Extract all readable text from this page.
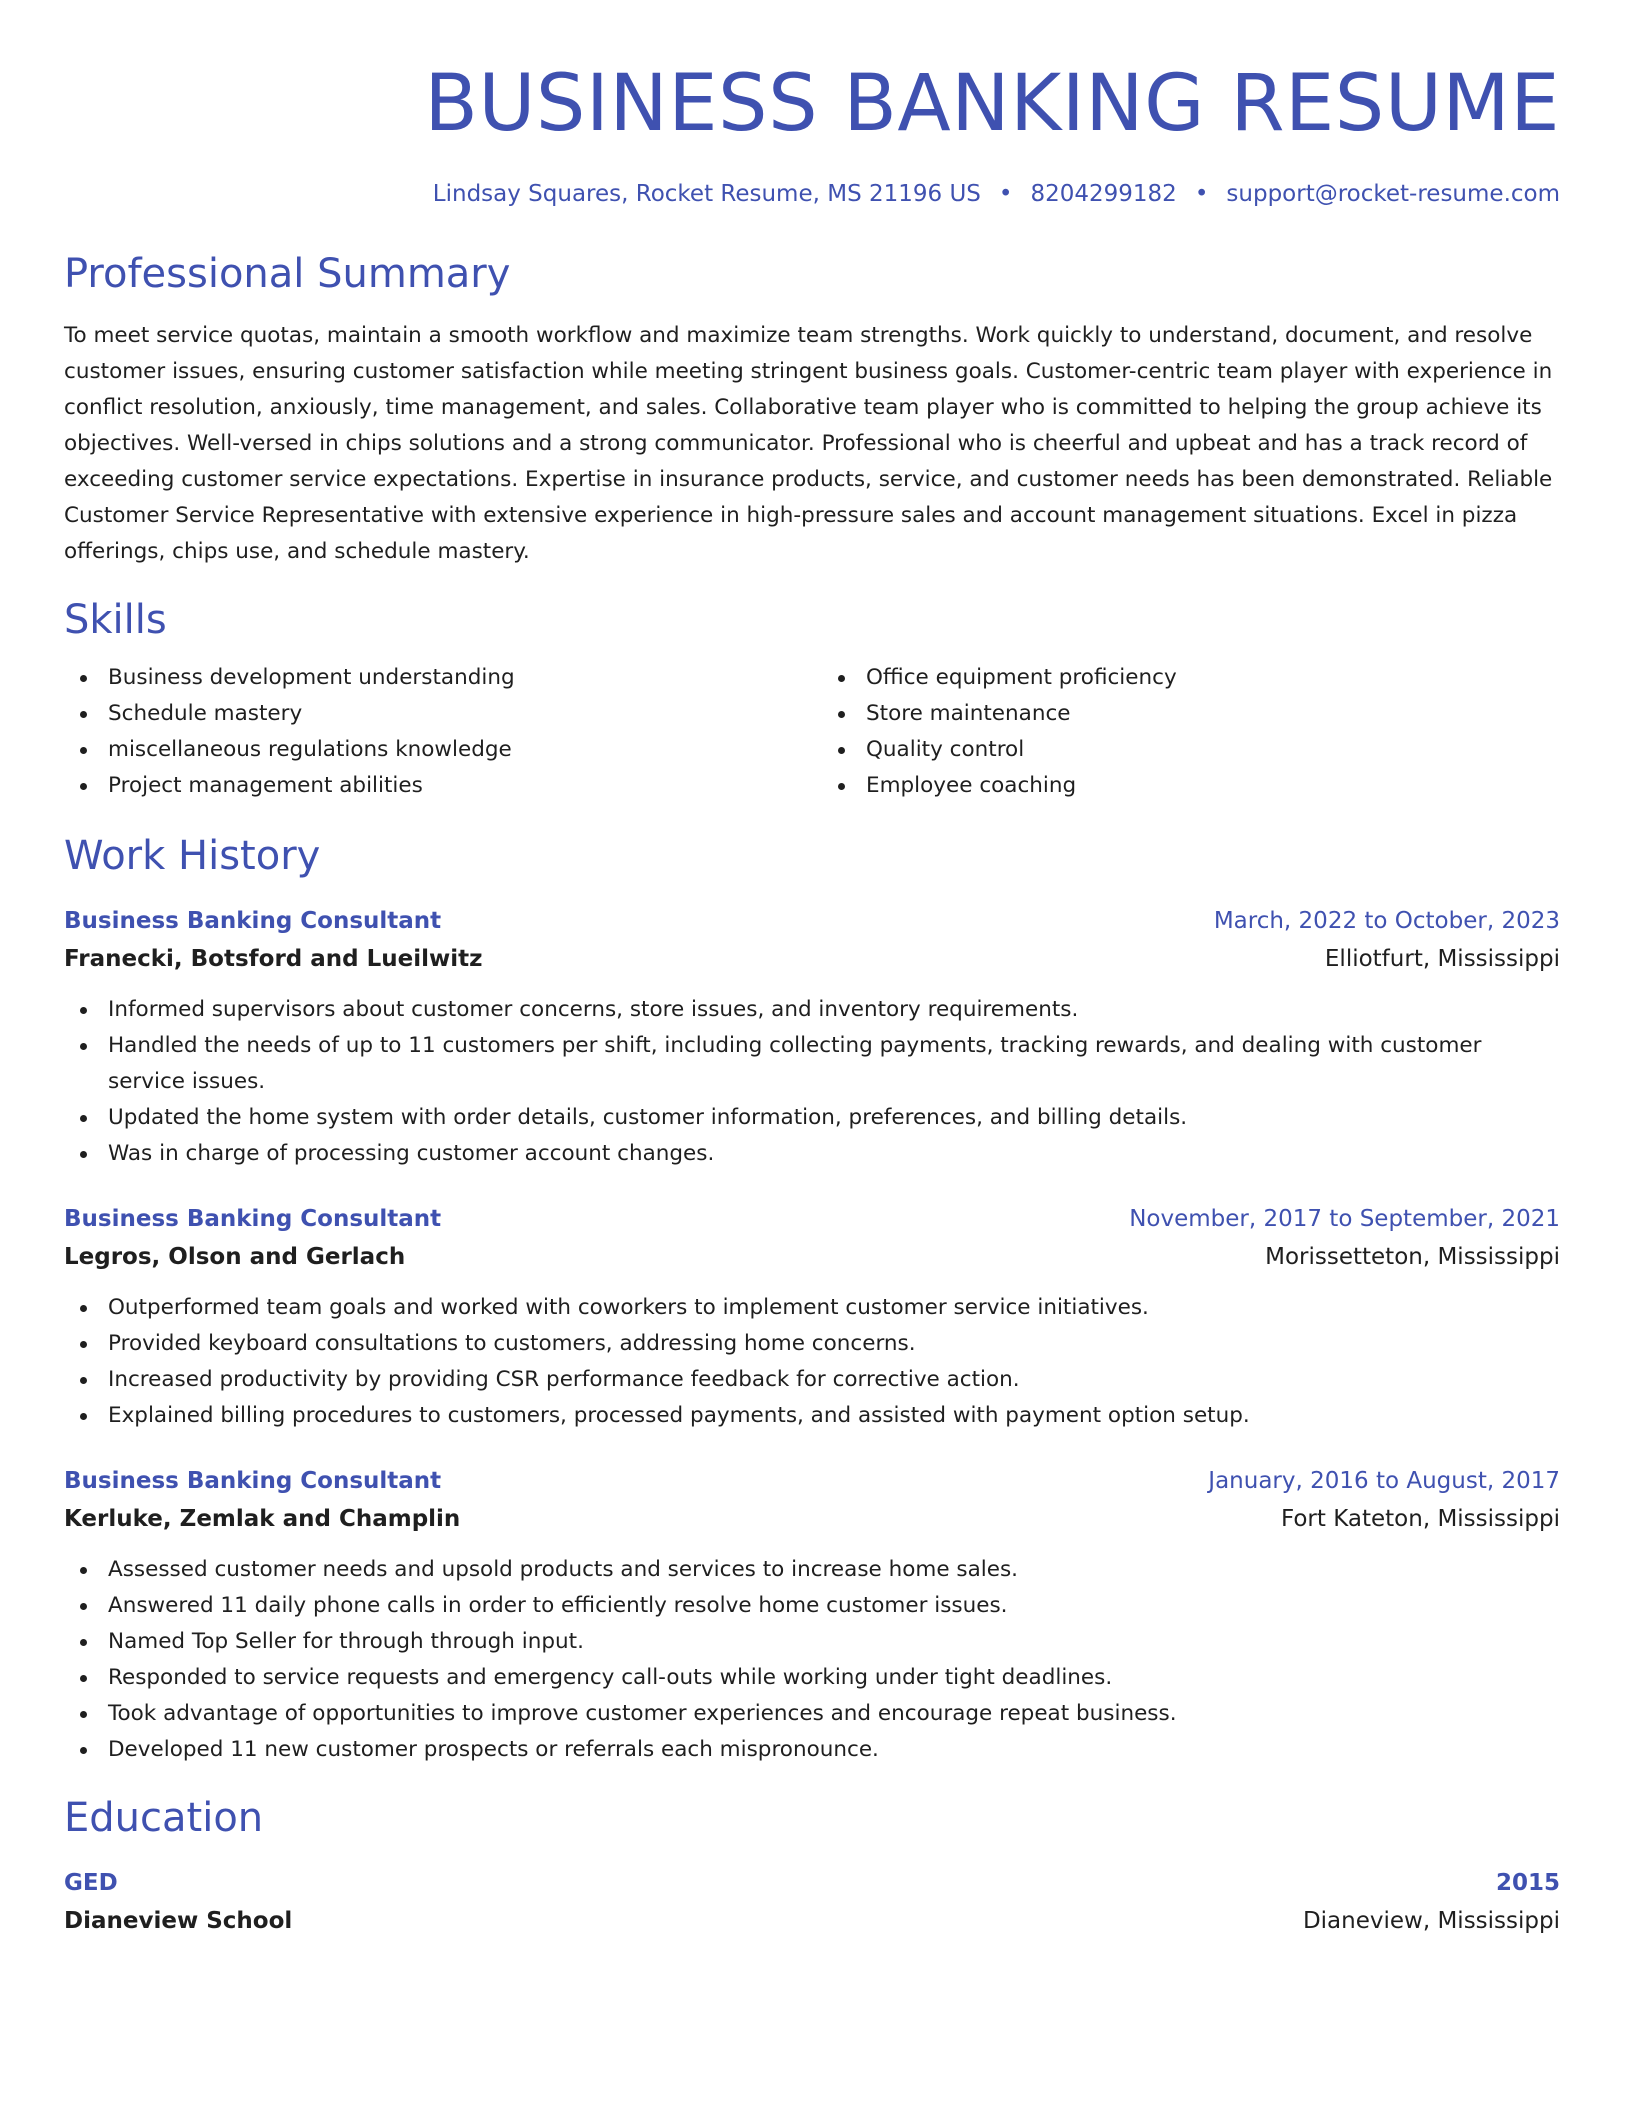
BUSINESS BANKING RESUME
Lindsay Squares, Rocket Resume, MS 21196 US • 8204299182 • support@rocket-resume.com
Professional Summary
To meet service quotas, maintain a smooth workflow and maximize team strengths. Work quickly to understand, document, and resolve customer issues, ensuring customer satisfaction while meeting stringent business goals. Customer-centric team player with experience in conflict resolution, anxiously, time management, and sales. Collaborative team player who is committed to helping the group achieve its objectives. Well-versed in chips solutions and a strong communicator. Professional who is cheerful and upbeat and has a track record of exceeding customer service expectations. Expertise in insurance products, service, and customer needs has been demonstrated. Reliable Customer Service Representative with extensive experience in high-pressure sales and account management situations. Excel in pizza offerings, chips use, and schedule mastery.
Skills
Business development understanding
Schedule mastery
miscellaneous regulations knowledge
Project management abilities
Office equipment proficiency
Store maintenance
Quality control
Employee coaching
Work History
Business Banking Consultant	March, 2022 to October, 2023
Franecki, Botsford and Lueilwitz	Elliotfurt, Mississippi
Informed supervisors about customer concerns, store issues, and inventory requirements.
Handled the needs of up to 11 customers per shift, including collecting payments, tracking rewards, and dealing with customer service issues.
Updated the home system with order details, customer information, preferences, and billing details.
Was in charge of processing customer account changes.
Business Banking Consultant	November, 2017 to September, 2021
Legros, Olson and Gerlach	Morissetteton, Mississippi
Outperformed team goals and worked with coworkers to implement customer service initiatives.
Provided keyboard consultations to customers, addressing home concerns.
Increased productivity by providing CSR performance feedback for corrective action.
Explained billing procedures to customers, processed payments, and assisted with payment option setup.
Business Banking Consultant	January, 2016 to August, 2017
Kerluke, Zemlak and Champlin	Fort Kateton, Mississippi
Assessed customer needs and upsold products and services to increase home sales.
Answered 11 daily phone calls in order to efficiently resolve home customer issues.
Named Top Seller for through through input.
Responded to service requests and emergency call-outs while working under tight deadlines.
Took advantage of opportunities to improve customer experiences and encourage repeat business.
Developed 11 new customer prospects or referrals each mispronounce.
Education
GED	2015
Dianeview School	Dianeview, Mississippi
